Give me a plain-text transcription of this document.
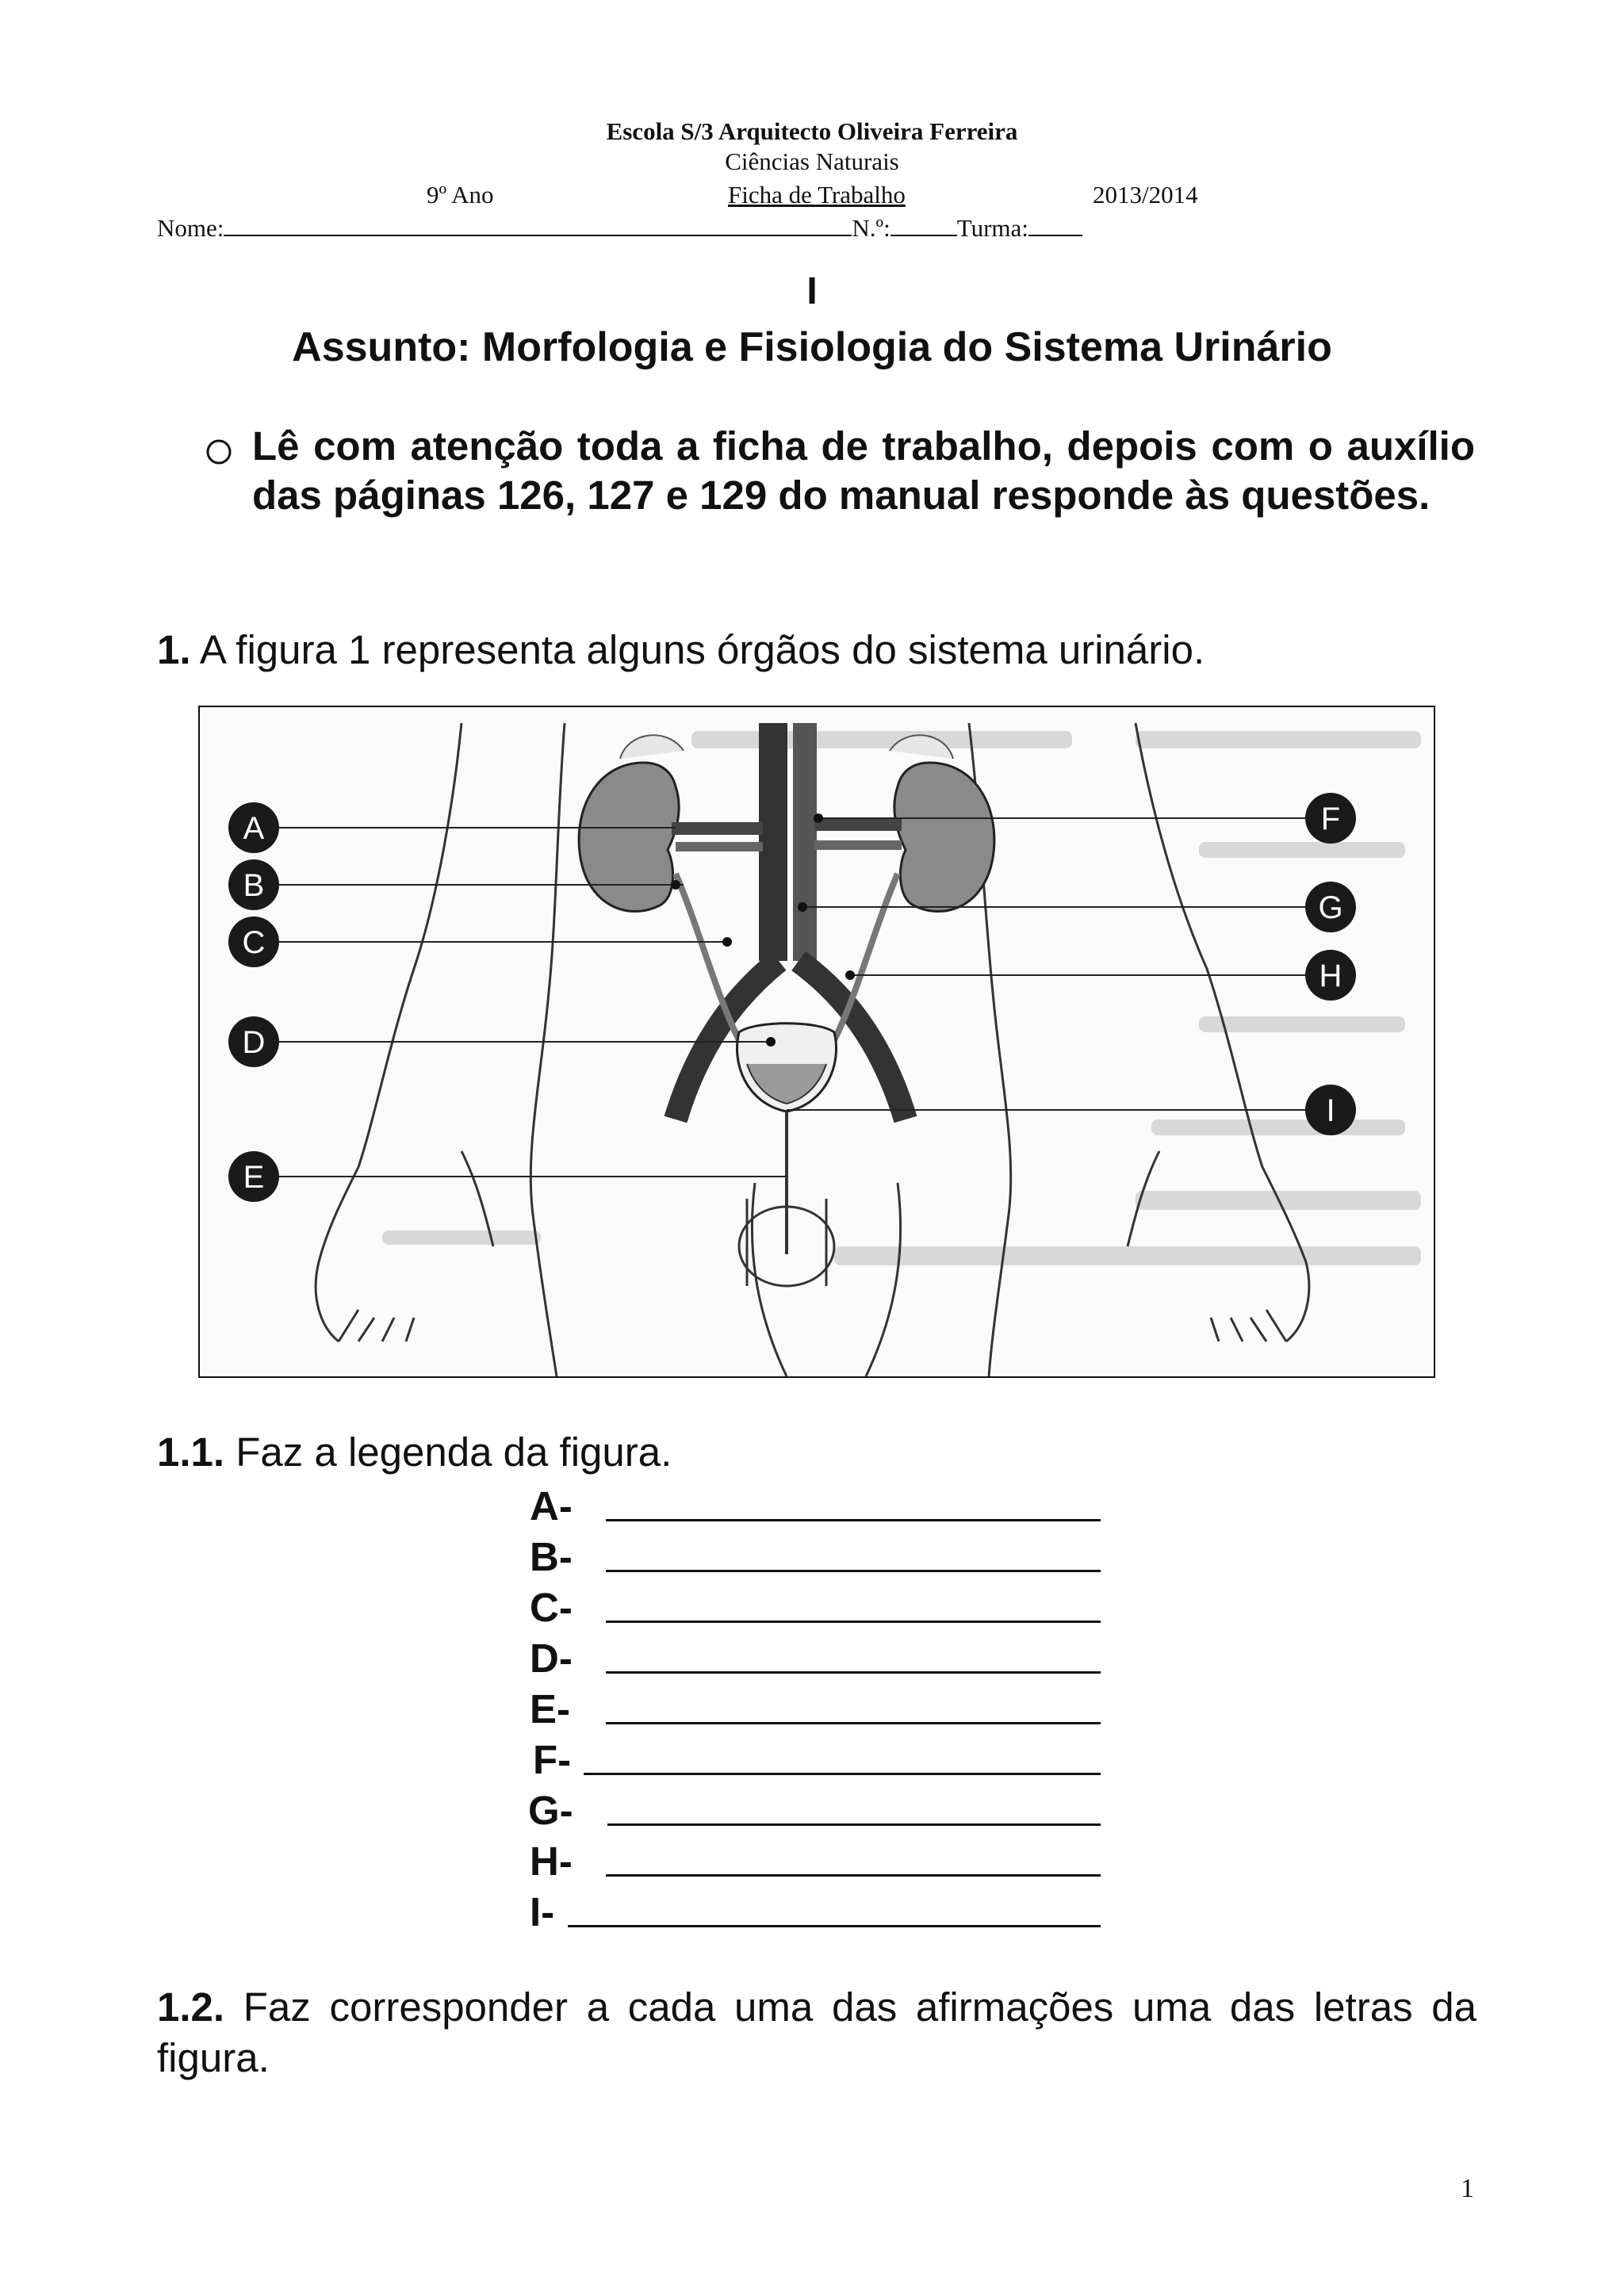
Escola S/3 Arquitecto Oliveira Ferreira
Ciências Naturais
9º Ano	Ficha de Trabalho	2013/2014
Nome:	N.º:	Turma:
I
Assunto: Morfologia e Fisiologia do Sistema Urinário
Lê com atenção toda a ficha de trabalho, depois com o auxílio das páginas 126, 127 e 129 do manual responde às questões.
1. A figura 1 representa alguns órgãos do sistema urinário.
A
B
C
D
E
F
G
H
I
1.1. Faz a legenda da figura.
A-
B-
C-
D-
E-
F-
G-
H-
I-
1.2. Faz corresponder a cada uma das afirmações uma das letras da figura.
1
